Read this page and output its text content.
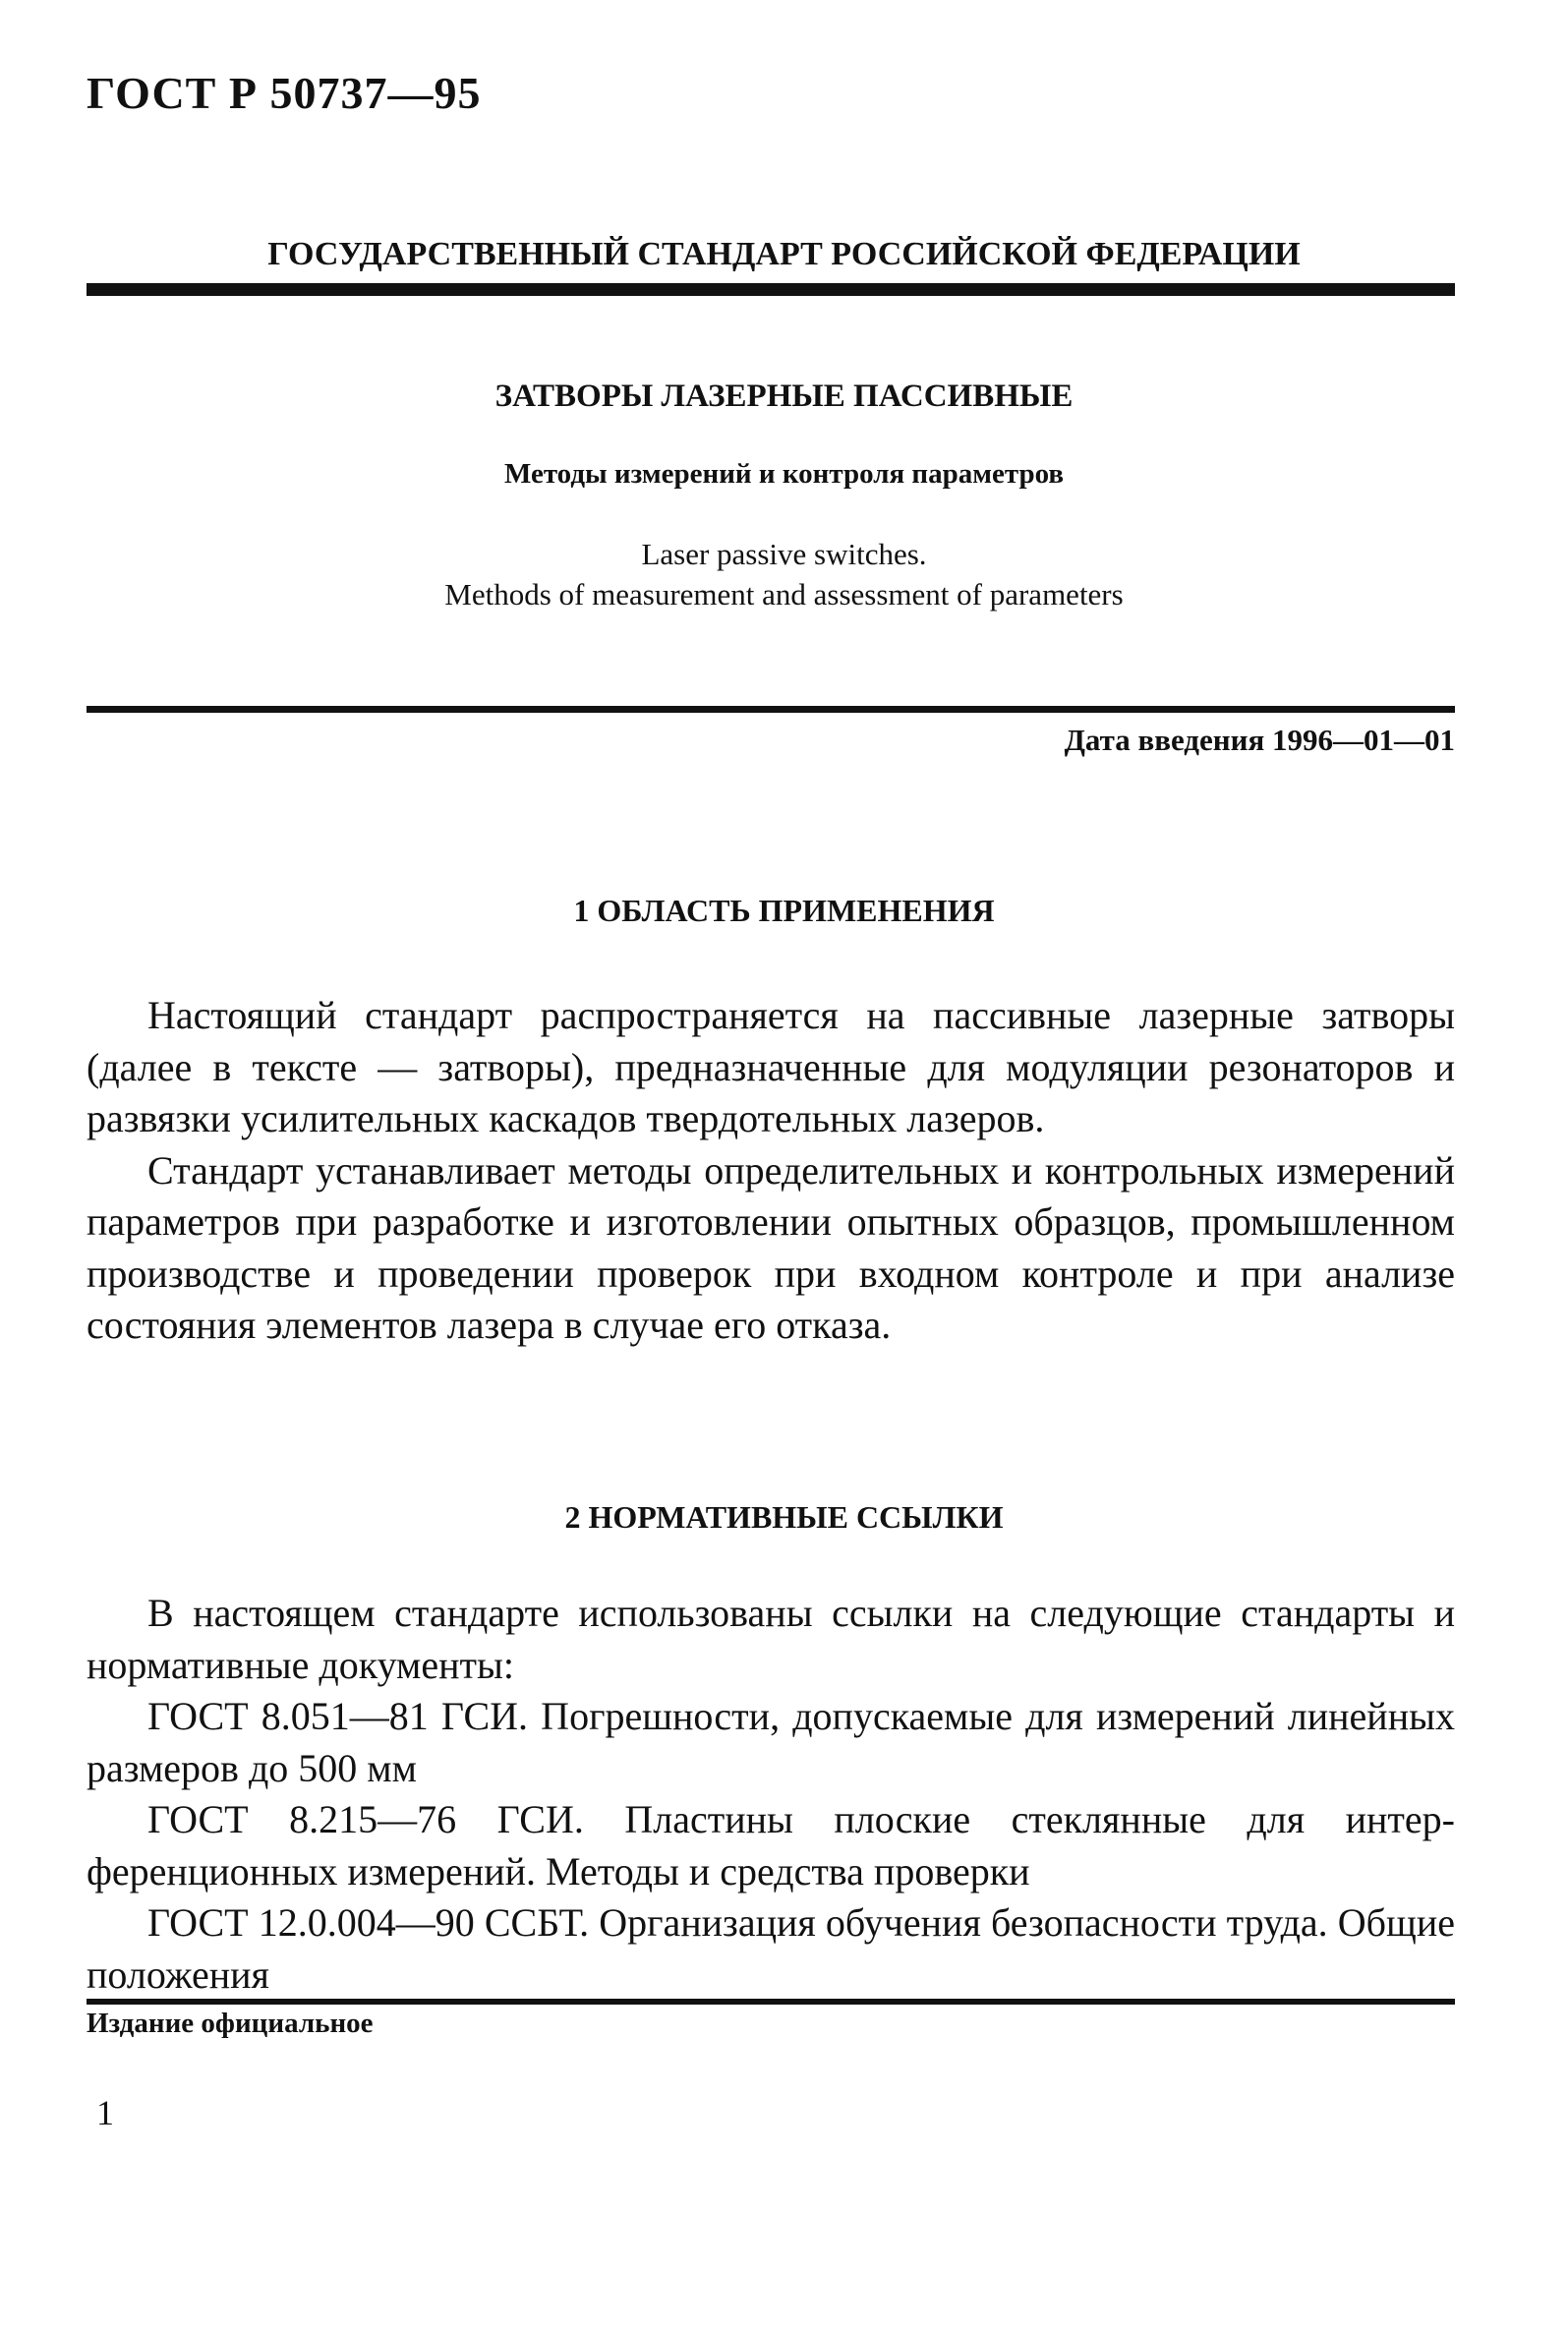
ГОСТ Р 50737—95
ГОСУДАРСТВЕННЫЙ СТАНДАРТ РОССИЙСКОЙ ФЕДЕРАЦИИ
ЗАТВОРЫ ЛАЗЕРНЫЕ ПАССИВНЫЕ
Методы измерений и контроля параметров
Laser passive switches.
Methods of measurement and assessment of parameters
Дата введения 1996—01—01
1 ОБЛАСТЬ ПРИМЕНЕНИЯ

Настоящий стандарт распространяется на пассивные лазерные затворы (далее в тексте — затворы), предназначенные для модуляции резонаторов и развязки усилительных каскадов твердотельных лазеров.

Стандарт устанавливает методы определительных и контрольных измерений параметров при разработке и изготовлении опытных образцов, промышленном производстве и проведении проверок при входном контроле и при анализе состояния элементов лазера в случае его отказа.

2 НОРМАТИВНЫЕ ССЫЛКИ

В настоящем стандарте использованы ссылки на следующие стандарты и нормативные документы:

ГОСТ 8.051—81 ГСИ. Погрешности, допускаемые для измерений линейных размеров до 500 мм

ГОСТ 8.215—76 ГСИ. Пластины плоские стеклянные для интерференционных измерений. Методы и средства проверки

ГОСТ 12.0.004—90 ССБТ. Организация обучения безопасности труда. Общие положения

Издание официальное
1
